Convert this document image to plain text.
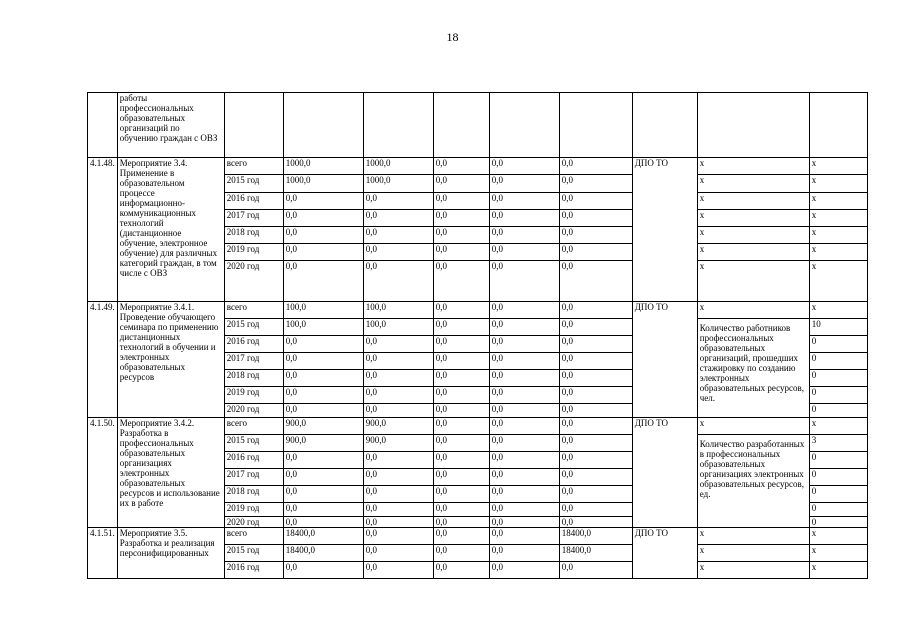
18

	работы профессиональных образовательных организаций по обучению граждан с ОВЗ									

4.1.48.	Мероприятие 3.4. Применение в образовательном процессе информационно-коммуникационных технологий (дистанционное обучение, электронное обучение) для различных категорий граждан, в том числе с ОВЗ	всего	1000,0	1000,0	0,0	0,0	0,0	ДПО ТО	х	х
		2015 год	1000,0	1000,0	0,0	0,0	0,0		х	х
		2016 год	0,0	0,0	0,0	0,0	0,0		х	х
		2017 год	0,0	0,0	0,0	0,0	0,0		х	х
		2018 год	0,0	0,0	0,0	0,0	0,0		х	х
		2019 год	0,0	0,0	0,0	0,0	0,0		х	х
		2020 год	0,0	0,0	0,0	0,0	0,0		х	х
4.1.49.	Мероприятие 3.4.1. Проведение обучающего семинара по применению дистанционных технологий в обучении и электронных образовательных ресурсов	всего	100,0	100,0	0,0	0,0	0,0	ДПО ТО	х	х
		2015 год	100,0	100,0	0,0	0,0	0,0		Количество работников профессиональных образовательных организаций, прошедших стажировку по созданию электронных образовательных ресурсов, чел.	10
		2016 год	0,0	0,0	0,0	0,0	0,0			0
		2017 год	0,0	0,0	0,0	0,0	0,0			0
		2018 год	0,0	0,0	0,0	0,0	0,0			0
		2019 год	0,0	0,0	0,0	0,0	0,0			0
		2020 год	0,0	0,0	0,0	0,0	0,0			0
4.1.50.	Мероприятие 3.4.2. Разработка в профессиональных образовательных организациях электронных образовательных ресурсов и использование их в работе	всего	900,0	900,0	0,0	0,0	0,0	ДПО ТО	х	х
		2015 год	900,0	900,0	0,0	0,0	0,0		Количество разработанных в профессиональных образовательных организациях электронных образовательных ресурсов, ед.	3
		2016 год	0,0	0,0	0,0	0,0	0,0			0
		2017 год	0,0	0,0	0,0	0,0	0,0			0
		2018 год	0,0	0,0	0,0	0,0	0,0			0
		2019 год	0,0	0,0	0,0	0,0	0,0			0
		2020 год	0,0	0,0	0,0	0,0	0,0			0
4.1.51.	Мероприятие 3.5. Разработка и реализация персонифицированных	всего	18400,0	0,0	0,0	0,0	18400,0	ДПО ТО	х	х
		2015 год	18400,0	0,0	0,0	0,0	18400,0		х	х
		2016 год	0,0	0,0	0,0	0,0	0,0		х	х
